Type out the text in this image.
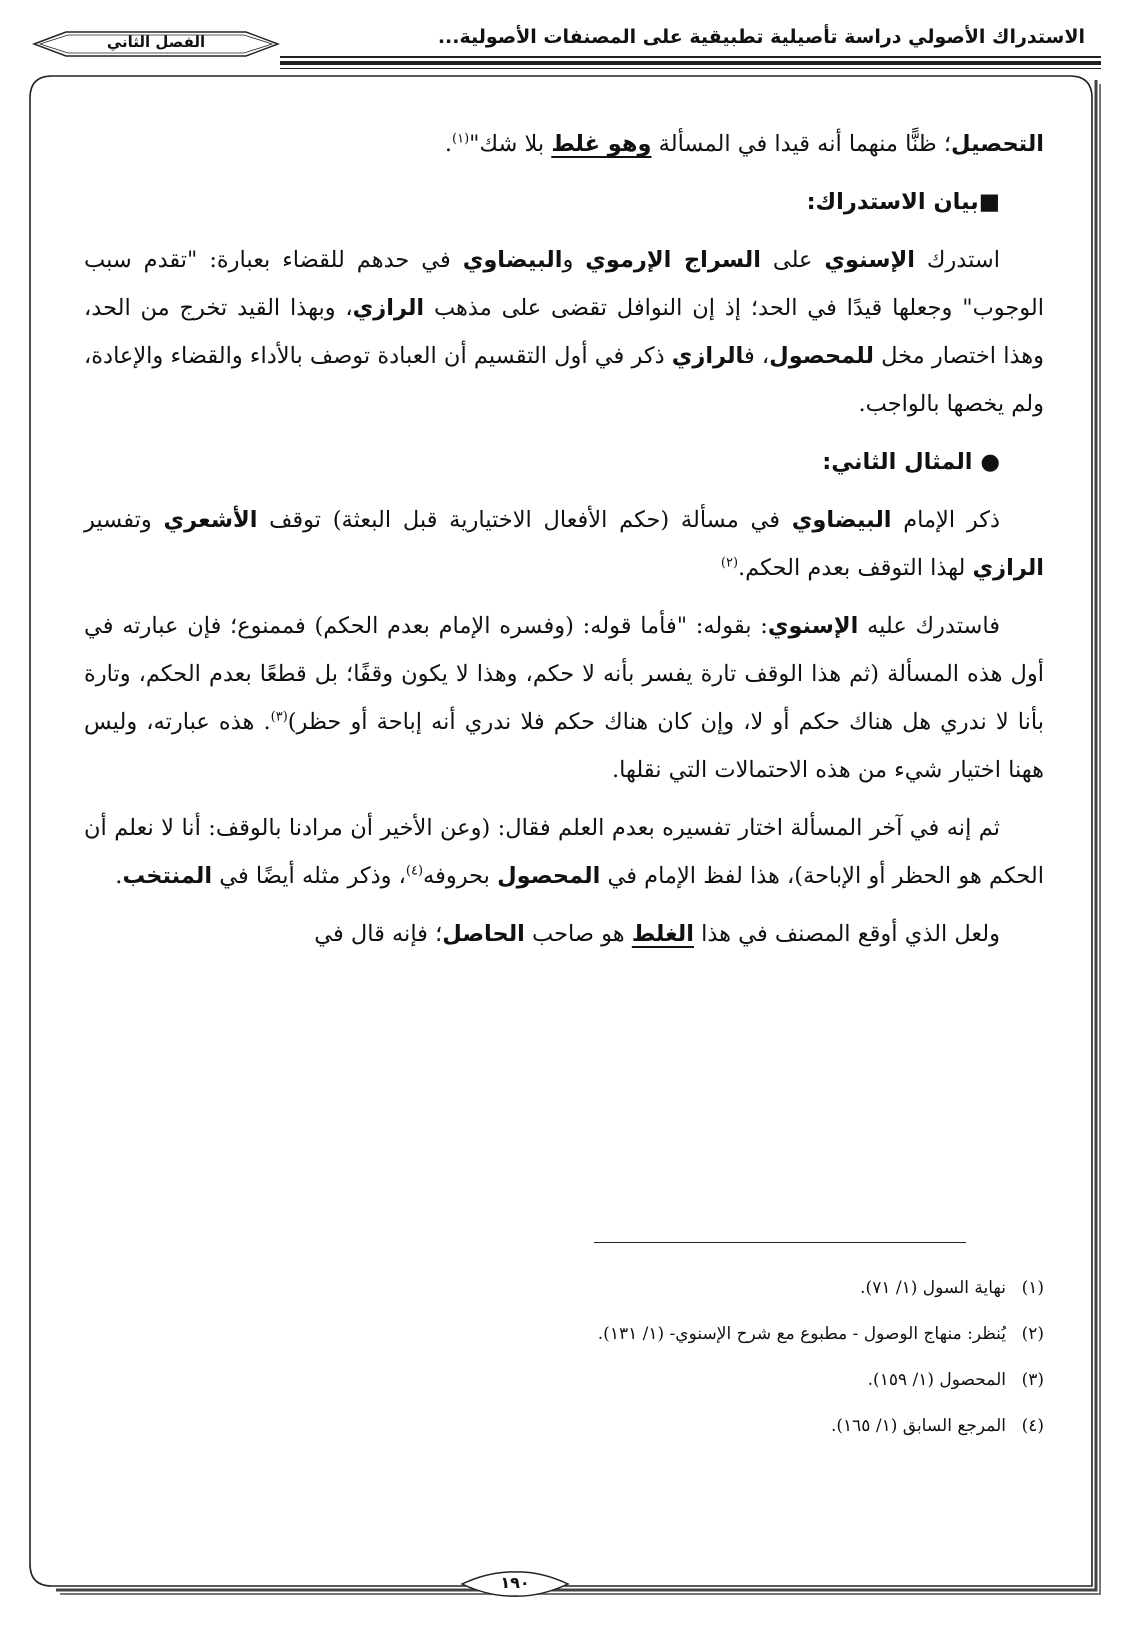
الاستدراك الأصولي دراسة تأصيلية تطبيقية على المصنفات الأصولية...
الفصل الثاني

التحصيل؛ ظنًّا منهما أنه قيدا في المسألة وهو غلط بلا شك"$^{(١)}$.

■بيان الاستدراك:

استدرك الإسنوي على السراج الإرموي والبيضاوي في حدهم للقضاء بعبارة: "تقدم سبب الوجوب" وجعلها قيدًا في الحد؛ إذ إن النوافل تقضى على مذهب الرازي، وبهذا القيد تخرج من الحد، وهذا اختصار مخل للمحصول، فالرازي ذكر في أول التقسيم أن العبادة توصف بالأداء والقضاء والإعادة، ولم يخصها بالواجب.

● المثال الثاني:

ذكر الإمام البيضاوي في مسألة (حكم الأفعال الاختيارية قبل البعثة) توقف الأشعري وتفسير الرازي لهذا التوقف بعدم الحكم.$^{(٢)}$

فاستدرك عليه الإسنوي: بقوله: "فأما قوله: (وفسره الإمام بعدم الحكم) فممنوع؛ فإن عبارته في أول هذه المسألة (ثم هذا الوقف تارة يفسر بأنه لا حكم، وهذا لا يكون وقفًا؛ بل قطعًا بعدم الحكم، وتارة بأنا لا ندري هل هناك حكم أو لا، وإن كان هناك حكم فلا ندري أنه إباحة أو حظر)$^{(٣)}$. هذه عبارته، وليس ههنا اختيار شيء من هذه الاحتمالات التي نقلها.

ثم إنه في آخر المسألة اختار تفسيره بعدم العلم فقال: (وعن الأخير أن مرادنا بالوقف: أنا لا نعلم أن الحكم هو الحظر أو الإباحة)، هذا لفظ الإمام في المحصول بحروفه$^{(٤)}$، وذكر مثله أيضًا في المنتخب.

ولعل الذي أوقع المصنف في هذا الغلط هو صاحب الحاصل؛ فإنه قال في

(١)نهاية السول (١/ ٧١).
(٢)يُنظر: منهاج الوصول - مطبوع مع شرح الإسنوي- (١/ ١٣١).
(٣)المحصول (١/ ١٥٩).
(٤)المرجع السابق (١/ ١٦٥).
١٩٠
